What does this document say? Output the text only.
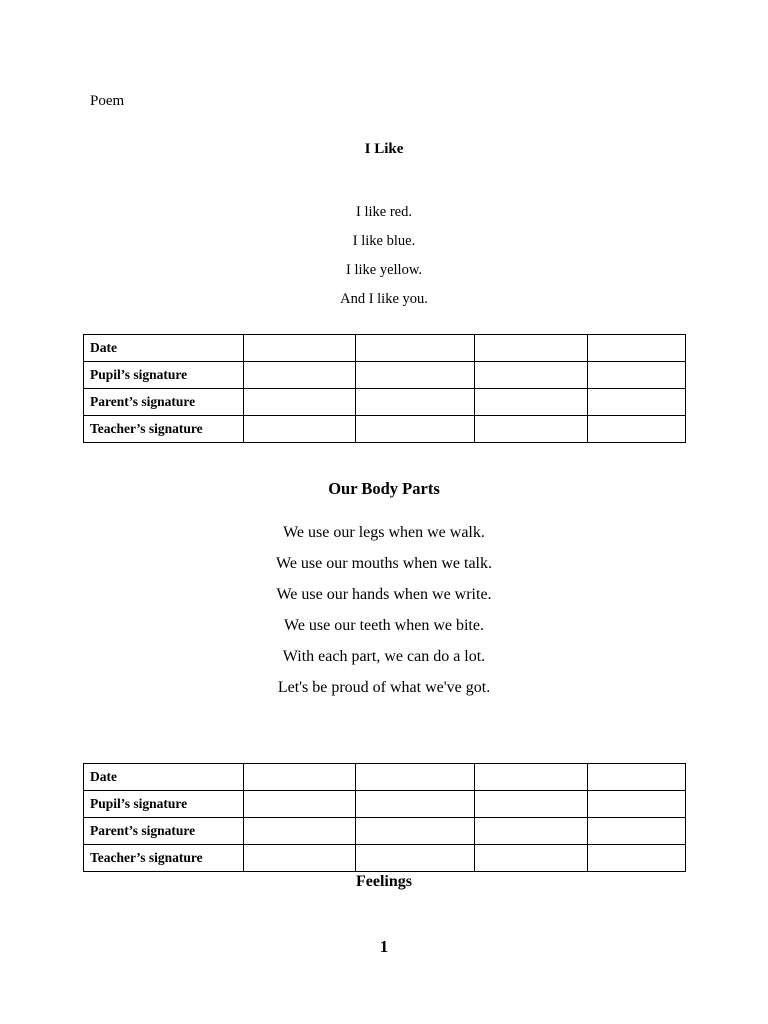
Poem
I Like
I like red.
I like blue.
I like yellow.
And I like you.
Date				
Pupil’s signature				
Parent’s signature				
Teacher’s signature				
Our Body Parts
We use our legs when we walk.
We use our mouths when we talk.
We use our hands when we write.
We use our teeth when we bite.
With each part, we can do a lot.
Let's be proud of what we've got.
Date				
Pupil’s signature				
Parent’s signature				
Teacher’s signature				
Feelings
1
